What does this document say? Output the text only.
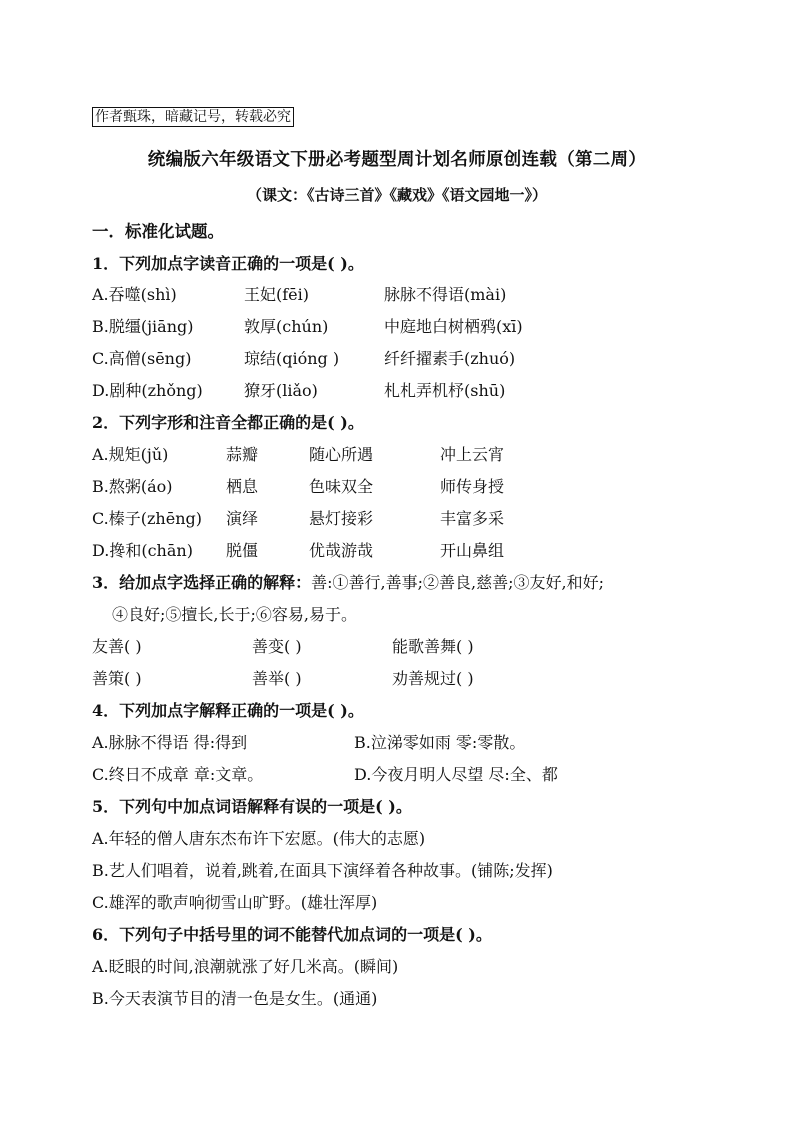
作者甄珠，暗藏记号，转载必究
统编版六年级语文下册必考题型周计划名师原创连载（第二周）
（课文：《古诗三首》《藏戏》《语文园地一》）
一．标准化试题。
1．下列加点字读音正确的一项是( )。
A.吞噬(shì)	王妃(fēi)	脉脉不得语(mài)
B.脱缰(jiāng)	敦厚(chún)	中庭地白树栖鸦(xī)
C.高僧(sēng)	琼结(qióng )	纤纤擢素手(zhuó)
D.剧种(zhǒng)	獠牙(liǎo)	札札弄机杼(shū)
2．下列字形和注音全都正确的是( )。
A.规矩(jǔ)	蒜瓣	随心所遇	冲上云宵
B.熬粥(áo)	栖息	色味双全	师传身授
C.榛子(zhēng) 演绎	悬灯接彩	丰富多采
D.搀和(chān) 脱僵	优哉游哉	开山鼻组
3．给加点字选择正确的解释：善:①善行,善事;②善良,慈善;③友好,和好;
④良好;⑤擅长,长于;⑥容易,易于。
友善( )	善变( )	能歌善舞( )
善策( )	善举( )	劝善规过( )
4．下列加点字解释正确的一项是( )。
A.脉脉不得语 得:得到	B.泣涕零如雨 零:零散。
C.终日不成章 章:文章。	D.今夜月明人尽望 尽:全、都
5．下列句中加点词语解释有误的一项是( )。
A.年轻的僧人唐东杰布许下宏愿。(伟大的志愿)
B.艺人们唱着，说着,跳着,在面具下演绎着各种故事。(铺陈;发挥)
C.雄浑的歌声响彻雪山旷野。(雄壮浑厚)
6．下列句子中括号里的词不能替代加点词的一项是( )。
A.眨眼的时间,浪潮就涨了好几米高。(瞬间)
B.今天表演节目的清一色是女生。(通通)
